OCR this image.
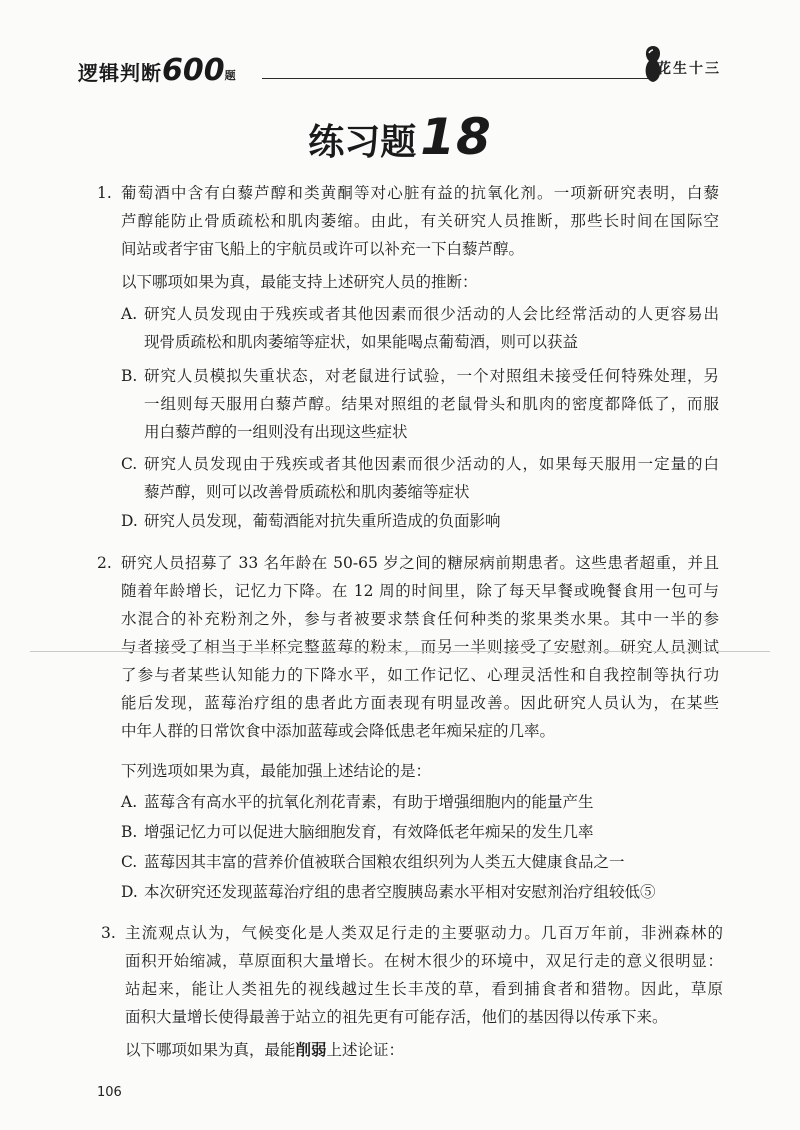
逻辑判断600题	花生十三
练习题18
1. 葡萄酒中含有白藜芦醇和类黄酮等对心脏有益的抗氧化剂。一项新研究表明，白藜
芦醇能防止骨质疏松和肌肉萎缩。由此，有关研究人员推断，那些长时间在国际空
间站或者宇宙飞船上的宇航员或许可以补充一下白藜芦醇。
以下哪项如果为真，最能支持上述研究人员的推断：
A. 研究人员发现由于残疾或者其他因素而很少活动的人会比经常活动的人更容易出
现骨质疏松和肌肉萎缩等症状，如果能喝点葡萄酒，则可以获益
B. 研究人员模拟失重状态，对老鼠进行试验，一个对照组未接受任何特殊处理，另
一组则每天服用白藜芦醇。结果对照组的老鼠骨头和肌肉的密度都降低了，而服
用白藜芦醇的一组则没有出现这些症状
C. 研究人员发现由于残疾或者其他因素而很少活动的人，如果每天服用一定量的白
藜芦醇，则可以改善骨质疏松和肌肉萎缩等症状
D. 研究人员发现，葡萄酒能对抗失重所造成的负面影响
2. 研究人员招募了 33 名年龄在 50-65 岁之间的糖尿病前期患者。这些患者超重，并且
随着年龄增长，记忆力下降。在 12 周的时间里，除了每天早餐或晚餐食用一包可与
水混合的补充粉剂之外，参与者被要求禁食任何种类的浆果类水果。其中一半的参
与者接受了相当于半杯完整蓝莓的粉末，而另一半则接受了安慰剂。研究人员测试
了参与者某些认知能力的下降水平，如工作记忆、心理灵活性和自我控制等执行功
能后发现，蓝莓治疗组的患者此方面表现有明显改善。因此研究人员认为，在某些
中年人群的日常饮食中添加蓝莓或会降低患老年痴呆症的几率。
下列选项如果为真，最能加强上述结论的是：
A. 蓝莓含有高水平的抗氧化剂花青素，有助于增强细胞内的能量产生
B. 增强记忆力可以促进大脑细胞发育，有效降低老年痴呆的发生几率
C. 蓝莓因其丰富的营养价值被联合国粮农组织列为人类五大健康食品之一
D. 本次研究还发现蓝莓治疗组的患者空腹胰岛素水平相对安慰剂治疗组较低⑤
3. 主流观点认为，气候变化是人类双足行走的主要驱动力。几百万年前，非洲森林的
面积开始缩减，草原面积大量增长。在树木很少的环境中，双足行走的意义很明显：
站起来，能让人类祖先的视线越过生长丰茂的草，看到捕食者和猎物。因此，草原
面积大量增长使得最善于站立的祖先更有可能存活，他们的基因得以传承下来。
以下哪项如果为真，最能削弱上述论证：
106
